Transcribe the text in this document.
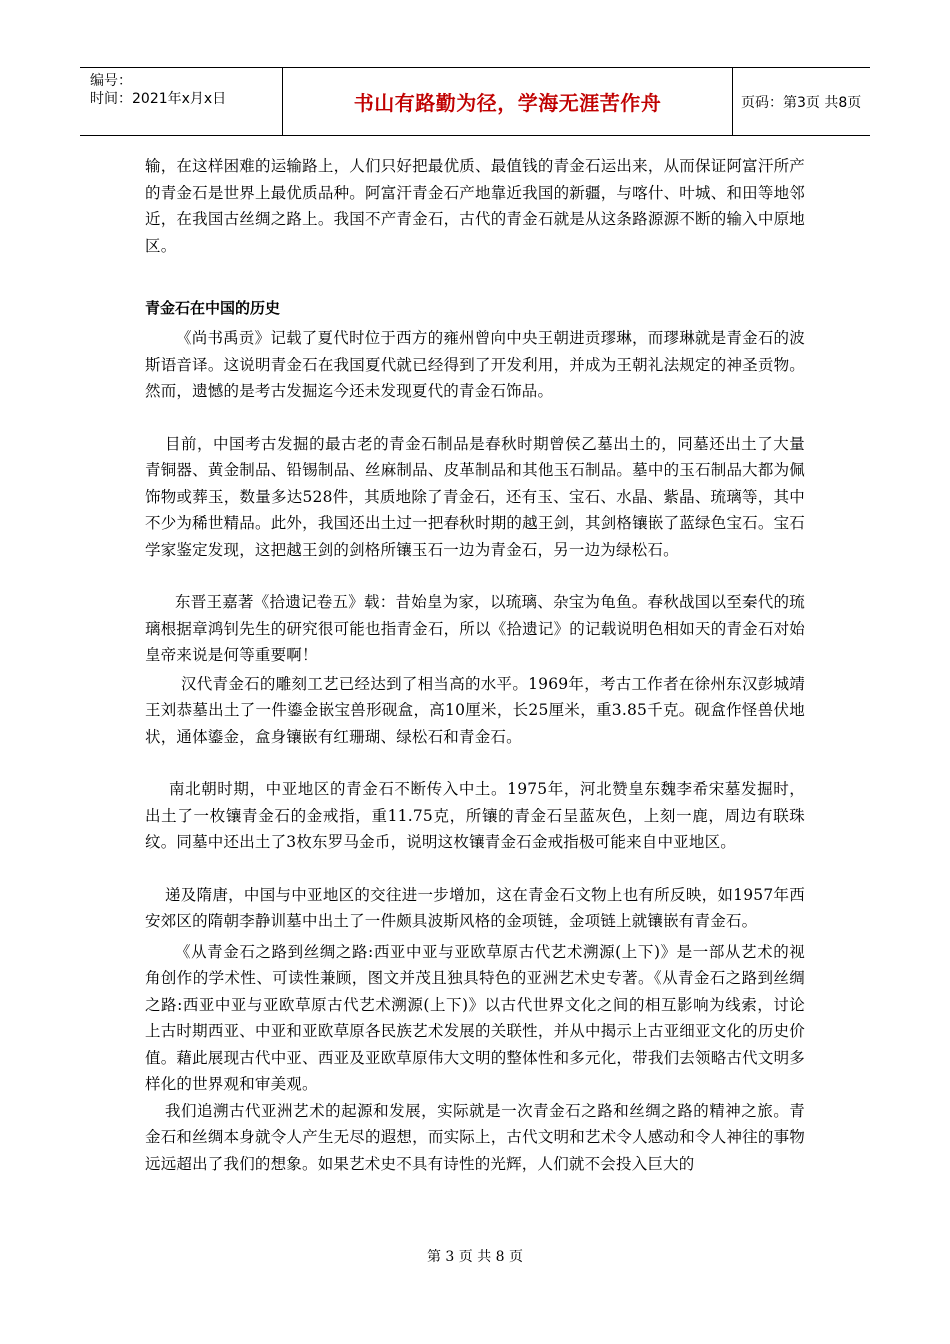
编号：
时间：2021年x月x日	书山有路勤为径，学海无涯苦作舟	页码：第3页 共8页

输，在这样困难的运输路上，人们只好把最优质、最值钱的青金石运出来，从而保证阿富汗所产的青金石是世界上最优质品种。阿富汗青金石产地靠近我国的新疆，与喀什、叶城、和田等地邻近，在我国古丝绸之路上。我国不产青金石，古代的青金石就是从这条路源源不断的输入中原地区。

青金石在中国的历史

《尚书禹贡》记载了夏代时位于西方的雍州曾向中央王朝进贡璆琳，而璆琳就是青金石的波斯语音译。这说明青金石在我国夏代就已经得到了开发利用，并成为王朝礼法规定的神圣贡物。然而，遗憾的是考古发掘迄今还未发现夏代的青金石饰品。

目前，中国考古发掘的最古老的青金石制品是春秋时期曾侯乙墓出土的，同墓还出土了大量青铜器、黄金制品、铅锡制品、丝麻制品、皮革制品和其他玉石制品。墓中的玉石制品大都为佩饰物或葬玉，数量多达528件，其质地除了青金石，还有玉、宝石、水晶、紫晶、琉璃等，其中不少为稀世精品。此外，我国还出土过一把春秋时期的越王剑，其剑格镶嵌了蓝绿色宝石。宝石学家鉴定发现，这把越王剑的剑格所镶玉石一边为青金石，另一边为绿松石。

东晋王嘉著《拾遗记卷五》载：昔始皇为家，以琉璃、杂宝为龟鱼。春秋战国以至秦代的琉璃根据章鸿钊先生的研究很可能也指青金石，所以《拾遗记》的记载说明色相如天的青金石对始皇帝来说是何等重要啊！

汉代青金石的雕刻工艺已经达到了相当高的水平。1969年，考古工作者在徐州东汉彭城靖王刘恭墓出土了一件鎏金嵌宝兽形砚盒，高10厘米，长25厘米，重3.85千克。砚盒作怪兽伏地状，通体鎏金，盒身镶嵌有红珊瑚、绿松石和青金石。

南北朝时期，中亚地区的青金石不断传入中土。1975年，河北赞皇东魏李希宋墓发掘时，出土了一枚镶青金石的金戒指，重11.75克，所镶的青金石呈蓝灰色，上刻一鹿，周边有联珠纹。同墓中还出土了3枚东罗马金币，说明这枚镶青金石金戒指极可能来自中亚地区。

递及隋唐，中国与中亚地区的交往进一步增加，这在青金石文物上也有所反映，如1957年西安郊区的隋朝李静训墓中出土了一件颇具波斯风格的金项链，金项链上就镶嵌有青金石。

《从青金石之路到丝绸之路:西亚中亚与亚欧草原古代艺术溯源(上下)》是一部从艺术的视角创作的学术性、可读性兼顾，图文并茂且独具特色的亚洲艺术史专著。《从青金石之路到丝绸之路:西亚中亚与亚欧草原古代艺术溯源(上下)》以古代世界文化之间的相互影响为线索，讨论上古时期西亚、中亚和亚欧草原各民族艺术发展的关联性，并从中揭示上古亚细亚文化的历史价值。藉此展现古代中亚、西亚及亚欧草原伟大文明的整体性和多元化，带我们去领略古代文明多样化的世界观和审美观。

我们追溯古代亚洲艺术的起源和发展，实际就是一次青金石之路和丝绸之路的精神之旅。青金石和丝绸本身就令人产生无尽的遐想，而实际上，古代文明和艺术令人感动和令人神往的事物远远超出了我们的想象。如果艺术史不具有诗性的光辉，人们就不会投入巨大的

第 3 页 共 8 页
